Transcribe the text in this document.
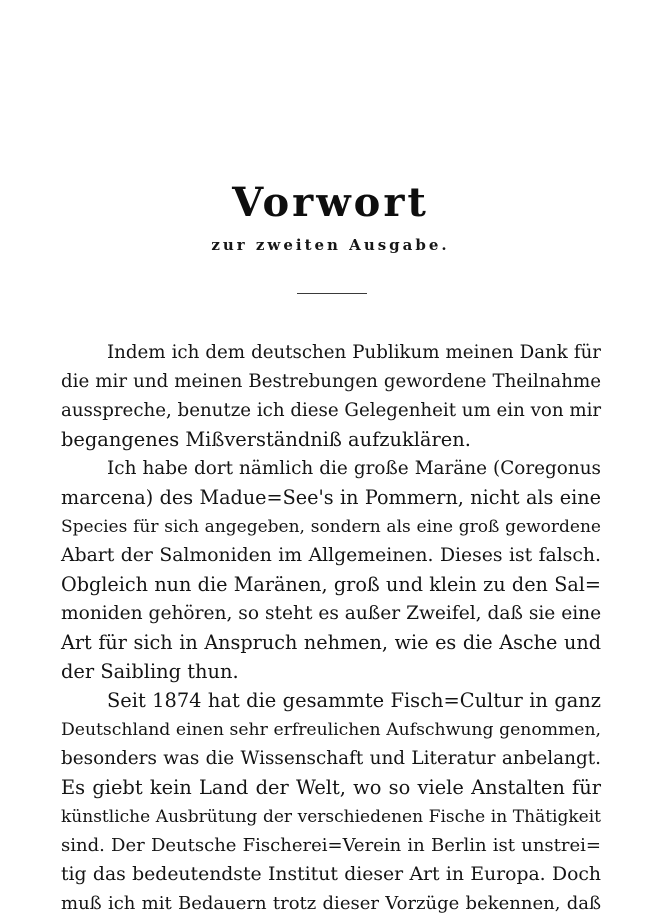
Vorwort
zur zweiten Ausgabe.
Indem ich dem deutschen Publikum meinen Dank für
die mir und meinen Bestrebungen gewordene Theilnahme
ausspreche, benutze ich diese Gelegenheit um ein von mir
begangenes Mißverständniß aufzuklären.
Ich habe dort nämlich die große Maräne (Coregonus
marcena) des Madue=See's in Pommern, nicht als eine
Species für sich angegeben, sondern als eine groß gewordene
Abart der Salmoniden im Allgemeinen. Dieses ist falsch.
Obgleich nun die Maränen, groß und klein zu den Sal=
moniden gehören, so steht es außer Zweifel, daß sie eine
Art für sich in Anspruch nehmen, wie es die Asche und
der Saibling thun.
Seit 1874 hat die gesammte Fisch=Cultur in ganz
Deutschland einen sehr erfreulichen Aufschwung genommen,
besonders was die Wissenschaft und Literatur anbelangt.
Es giebt kein Land der Welt, wo so viele Anstalten für
künstliche Ausbrütung der verschiedenen Fische in Thätigkeit
sind. Der Deutsche Fischerei=Verein in Berlin ist unstrei=
tig das bedeutendste Institut dieser Art in Europa. Doch
muß ich mit Bedauern trotz dieser Vorzüge bekennen, daß
